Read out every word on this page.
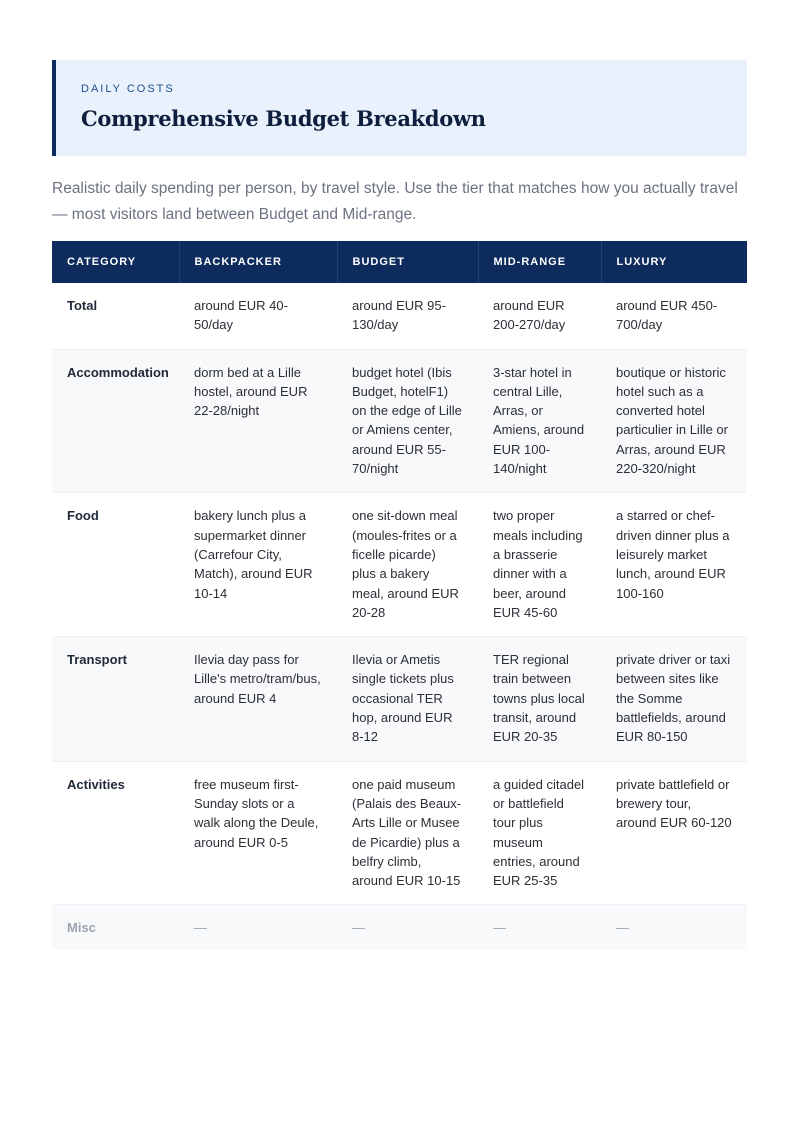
DAILY COSTS
Comprehensive Budget Breakdown

Realistic daily spending per person, by travel style. Use the tier that matches how you actually travel — most visitors land between Budget and Mid-range.

CATEGORY	BACKPACKER	BUDGET	MID-RANGE	LUXURY
Total	around EUR 40-50/day	around EUR 95-130/day	around EUR 200-270/day	around EUR 450-700/day
Accommodation	dorm bed at a Lille hostel, around EUR 22-28/night	budget hotel (Ibis Budget, hotelF1) on the edge of Lille or Amiens center, around EUR 55-70/night	3-star hotel in central Lille, Arras, or Amiens, around EUR 100-140/night	boutique or historic hotel such as a converted hotel particulier in Lille or Arras, around EUR 220-320/night
Food	bakery lunch plus a supermarket dinner (Carrefour City, Match), around EUR 10-14	one sit-down meal (moules-frites or a ficelle picarde) plus a bakery meal, around EUR 20-28	two proper meals including a brasserie dinner with a beer, around EUR 45-60	a starred or chef-driven dinner plus a leisurely market lunch, around EUR 100-160
Transport	Ilevia day pass for Lille's metro/tram/bus, around EUR 4	Ilevia or Ametis single tickets plus occasional TER hop, around EUR 8-12	TER regional train between towns plus local transit, around EUR 20-35	private driver or taxi between sites like the Somme battlefields, around EUR 80-150
Activities	free museum first-Sunday slots or a walk along the Deule, around EUR 0-5	one paid museum (Palais des Beaux-Arts Lille or Musee de Picardie) plus a belfry climb, around EUR 10-15	a guided citadel or battlefield tour plus museum entries, around EUR 25-35	private battlefield or brewery tour, around EUR 60-120
Misc	—	—	—	—
